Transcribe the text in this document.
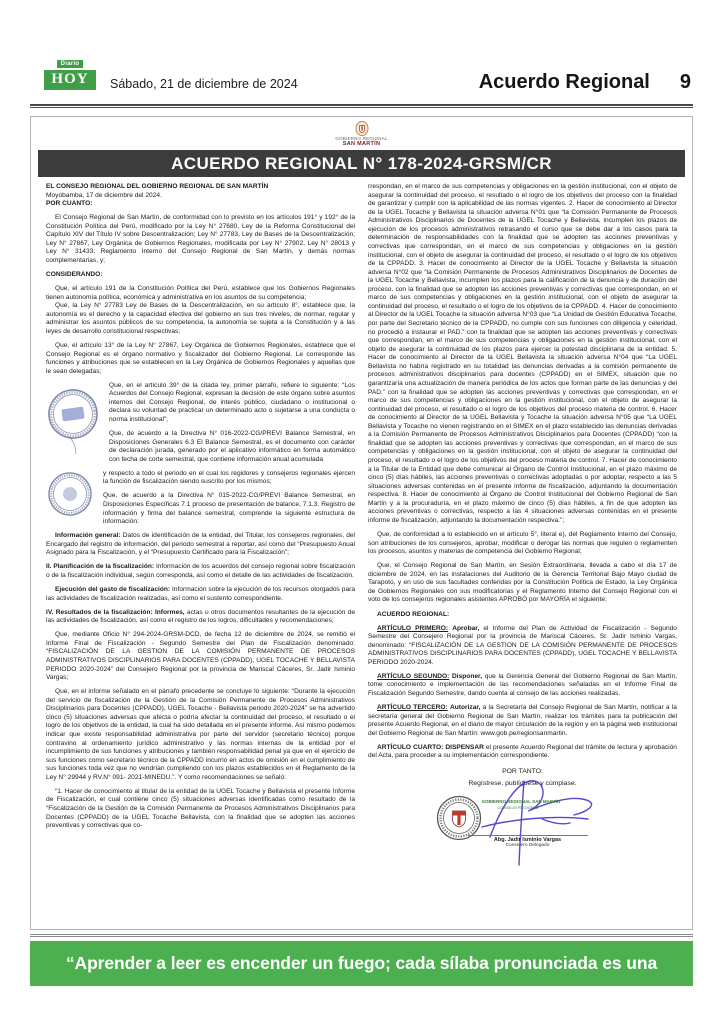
Diario
HOY	Sábado, 21 de diciembre de 2024	Acuerdo Regional 9
GOBIERNO REGIONAL
SAN MARTÍN
ACUERDO REGIONAL N° 178-2024-GRSM/CR

EL CONSEJO REGIONAL DEL GOBIERNO REGIONAL DE SAN MARTÍN

Moyobamba, 17 de diciembre del 2024.

POR CUANTO:

El Consejo Regional de San Martín, de conformidad con lo previsto en los artículos 191° y 192° de la Constitución Política del Perú, modificado por la Ley N° 27680, Ley de la Reforma Constitucional del Capítulo XIV del Título IV sobre Descentralización; Ley N° 27783, Ley de Bases de la Descentralización; Ley N° 27867, Ley Orgánica de Gobiernos Regionales, modificada por Ley N° 27902, Ley N° 28013 y Ley N° 31433; Reglamento Interno del Consejo Regional de San Martín, y demás normas complementarias, y;

CONSIDERANDO:

Que, el artículo 191 de la Constitución Política del Perú, establece que los Gobiernos Regionales tienen autonomía política, económica y administrativa en los asuntos de su competencia;

Que, la Ley N° 27783 Ley de Bases de la Descentralización, en su artículo 8°, establece que, la autonomía es el derecho y la capacidad efectiva del gobierno en sus tres niveles, de normar, regular y administrar los asuntos públicos de su competencia, la autonomía se sujeta a la Constitución y a las leyes de desarrollo constitucional respectivas;

Que, el artículo 13° de la Ley N° 27867, Ley Orgánica de Gobiernos Regionales, establece que el Consejo Regional es el órgano normativo y fiscalizador del Gobierno Regional. Le corresponde las funciones y atribuciones que se establecen en la Ley Orgánica de Gobiernos Regionales y aquellas que le sean delegadas;

Que, en el artículo 39° de la citada ley, primer párrafo, refiere lo siguiente: “Los Acuerdos del Consejo Regional, expresan la decisión de este órgano sobre asuntos internos del Consejo Regional, de interés público, ciudadano o institucional o declara su voluntad de practicar un determinado acto o sujetarse a una conducta o norma institucional”;

Que, de acuerdo a la Directiva N° 016-2022-CG/PREVI Balance Semestral, en Disposiciones Generales 6.3 El Balance Semestral, es el documento con carácter de declaración jurada, generado por el aplicativo informático en forma automático con fecha de corte semestral, que contiene información anual acumulada

y respecto a todo el periodo en el cual los regidores y consejeros regionales ejercen la función de fiscalización siendo suscrito por los mismos;

Que, de acuerdo a la Directiva N° 015-2022-CG/PREVI Balance Semestral, en Disposiciones Específicas 7.1 proceso de presentación de balance, 7.1.3. Registro de información y firma del balance semestral, comprende la siguiente estructura de información:

Información general: Datos de identificación de la entidad, del Titular, los consejeros regionales, del Encargado del registro de información, del periodo semestral a reportar, así como del “Presupuesto Anual Asignado para la Fiscalización, y el “Presupuesto Certificado para la Fiscalización”;

II. Planificación de la fiscalización: Información de los acuerdos del consejo regional sobre fiscalización o de la fiscalización individual, según corresponda, así como el detalle de las actividades de fiscalización.

Ejecución del gasto de fiscalización: Información sobre la ejecución de los recursos otorgados para las actividades de fiscalización realizadas, así como el sustento correspondiente.

IV. Resultados de la fiscalización: Informes, actas u otros documentos resultantes de la ejecución de las actividades de fiscalización, así como el registro de los logros, dificultades y recomendaciones;

Que, mediante Oficio N° 294-2024-GRSM-DCD, de fecha 12 de diciembre de 2024, se remitió el Informe Final de Fiscalización - Segundo Semestre del Plan de Fiscalización denominado: “FISCALIZACIÓN DE LA GESTION DE LA COMISIÓN PERMANENTE DE PROCESOS ADMINISTRATIVOS DISCIPLINARIOS PARA DOCENTES (CPPADD), UGEL TOCACHE Y BELLAVISTA PERIODO 2020-2024” del Consejero Regional por la provincia de Mariscal Cáceres, Sr. Jadir Isminio Vargas;

Que, en el informe señalado en el párrafo precedente se concluye lo siguiente: “Durante la ejecución del servicio de fiscalización de la Gestión de la Comisión Permanente de Procesos Administrativos Disciplinarios para Docentes (CPPADD), UGEL Tocache - Bellavista periodo 2020-2024” se ha advertido cinco (5) situaciones adversas que afecta o podría afectar la continuidad del proceso, el resultado o el logro de los objetivos de la entidad, la cual ha sido detallada en el presente informe. Así mismo podemos indicar que existe responsabilidad administrativa por parte del servidor (secretario técnico) porque contravino al ordenamiento jurídico administrativo y las normas internas de la entidad por el incumplimiento de sus funciones y atribuciones y también responsabilidad penal ya que en el ejercicio de sus funciones como secretario técnico de la CPPADD incurrió en actos de omisión en el cumplimiento de sus funciones toda vez que no vendrían cumpliendo con los plazos establecidos en el Reglamento de la Ley N° 29944 y RV.N° 091- 2021-MINEDU.”. Y como recomendaciones se señaló:

“1. Hacer de conocimiento al titular de la entidad de la UGEL Tocache y Bellavista el presente Informe de Fiscalización, el cual contiene cinco (5) situaciones adversas identificadas como resultado de la “Fiscalización de la Gestión de la Comisión Permanente de Procesos Administrativos Disciplinarios para Docentes (CPPADD) de la UGEL Tocache Bellavista, con la finalidad que se adopten las acciones preventivas y correctivas que co-

rrespondan, en el marco de sus competencias y obligaciones en la gestión institucional, con el objeto de asegurar la continuidad del proceso, el resultado o el logro de los objetivos del proceso con la finalidad de garantizar y cumplir con la aplicabilidad de las normas vigentes. 2. Hacer de conocimiento al Director de la UGEL Tocache y Bellavista la situación adversa N°01 que “la Comisión Permanente de Procesos Administrativos Disciplinarios de Docentes de la UGEL Tocache y Bellavista, incumplen los plazos de ejecución de los procesos administrativos retrasando el curso que se debe dar a los casos para la determinación de responsabilidades con la finalidad que se adopten las acciones preventivas y correctivas que correspondan, en el marco de sus competencias y obligaciones en la gestión institucional, con el objeto de asegurar la continuidad del proceso, el resultado o el logro de los objetivos de la CPPADD. 3. Hacer de conocimiento al Director de la UGEL Tocache y Bellavista la situación adversa N°02 que “la Comisión Permanente de Procesos Administrativos Disciplinarios de Docentes de la UGEL Tocache y Bellavista, incumplen los plazos para la calificación de la denuncia y de duración del proceso. con la finalidad que se adopten las acciones preventivas y correctivas que correspondan, en el marco de sus competencias y obligaciones en la gestión institucional, con el objeto de asegurar la continuidad del proceso, el resultado o el logro de los objetivos de la CPPADD. 4. Hacer de conocimiento al Director de la UGEL Tocache la situación adversa N°03 que “La Unidad de Gestión Educativa Tocache, por parte del Secretario técnico de la CPPADD, no cumple con sus funciones con diligencia y celeridad, no procedió a instaurar el PAD.” con la finalidad que se adopten las acciones preventivas y correctivas que correspondan, en el marco de sus competencias y obligaciones en la gestión institucional, con el objeto de asegurar la continuidad de los plazos para ejercer la potestad disciplinaria de la entidad. 5. Hacer de conocimiento al Director de la UGEL Bellavista la situación adversa N°04 que “La UGEL Bellavista no habría registrado en su totalidad las denuncias derivadas a la comisión permanente de procesos administrativos disciplinarios para docentes (CPPADD) en el SIMEX, situación que no garantizaría una actualización de manera periódica de los actos que forman parte de las denuncias y del PAD.” con la finalidad que se adopten las acciones preventivas y correctivas que correspondan, en el marco de sus competencias y obligaciones en la gestión institucional, con el objeto de asegurar la continuidad del proceso, el resultado o el logro de los objetivos del proceso materia de control. 6. Hacer de conocimiento al Director de la UGEL Bellavista y Tocache la situación adversa N°05 que “La UGEL Bellavista y Tocache no vienen registrando en el SIMEX en el plazo establecido las denuncias derivadas a la Comisión Permanente de Procesos Administrativos Disciplinarios para Docentes (CPPADD) “con la finalidad que se adopten las acciones preventivas y correctivas que correspondan, en el marco de sus competencias y obligaciones en la gestión institucional, con el objeto de asegurar la continuidad del proceso, el resultado o el logro de los objetivos del proceso materia de control. 7. Hacer de conocimiento a la Titular de la Entidad que debe comunicar al Órgano de Control Institucional, en el plazo máximo de cinco (5) días hábiles, las acciones preventivas o correctivas adoptadas o por adoptar, respecto a las 5 situaciones adversas contenidas en el presente informe de fiscalización, adjuntando la documentación respectiva. 8. Hacer de conocimiento al Órgano de Control Institucional del Gobierno Regional de San Martín y a la procuraduría, en el plazo máximo de cinco (5) días hábiles, a fin de que adopten las acciones preventivas o correctivas, respecto a las 4 situaciones adversas contenidas en el presente informe de fiscalización, adjuntando la documentación respectiva.”;

Que, de conformidad a lo establecido en el artículo 5°, literal e), del Reglamento Interno del Consejo, son atribuciones de los consejeros, aprobar, modificar o derogar las normas que regulen o reglamenten los procesos, asuntos y materias de competencia del Gobierno Regional;

Que, el Consejo Regional de San Martín, en Sesión Extraordinaria, llevada a cabo el día 17 de diciembre de 2024, en las instalaciones del Auditorio de la Gerencia Territorial Bajo Mayo ciudad de Tarapoto, y en uso de sus facultades conferidas por la Constitución Política de Estado, la Ley Orgánica de Gobiernos Regionales con sus modificatorias y el Reglamento Interno del Consejo Regional con el voto de los consejeros regionales asistentes APROBÓ por MAYORÍA el siguiente:

ACUERDO REGIONAL:

ARTÍCULO PRIMERO: Aprobar, el Informe del Plan de Actividad de Fiscalización - Segundo Semestre del Consejero Regional por la provincia de Mariscal Cáceres, Sr. Jadir Isminio Vargas, denominado: “FISCALIZACIÓN DE LA GESTION DE LA COMISIÓN PERMANENTE DE PROCESOS ADMINISTRATIVOS DISCIPLINARIOS PARA DOCENTES (CPPADD), UGEL TOCACHE Y BELLAVISTA PERIODO 2020-2024.

ARTÍCULO SEGUNDO: Disponer, que la Gerencia General del Gobierno Regional de San Martín, tome conocimiento e implementación de las recomendaciones señaladas en el Informe Final de Fiscalización Segundo Semestre, dando cuenta al consejo de las acciones realizadas.

ARTÍCULO TERCERO: Autorizar, a la Secretaría del Consejo Regional de San Martín, notificar a la secretaría general del Gobierno Regional de San Martín, realizar los trámites para la publicación del presente Acuerdo Regional, en el diario de mayor circulación de la región y en la página web institucional del Gobierno Regional de San Martín: www.gob.pe/regionsanmartin.

ARTÍCULO CUARTO: DISPENSAR el presente Acuerdo Regional del trámite de lectura y aprobación del Acta, para proceder a su implementación correspondiente.

POR TANTO:
Regístrese, publíquese y cúmplase.
GOBIERNO REGIONAL SAN MARTÍN
CONSEJO REGIONAL
Abg. Jadir Isminio Vargas
Consejero Delegado
“Aprender a leer es encender un fuego; cada sílaba pronunciada es una chispa”.
